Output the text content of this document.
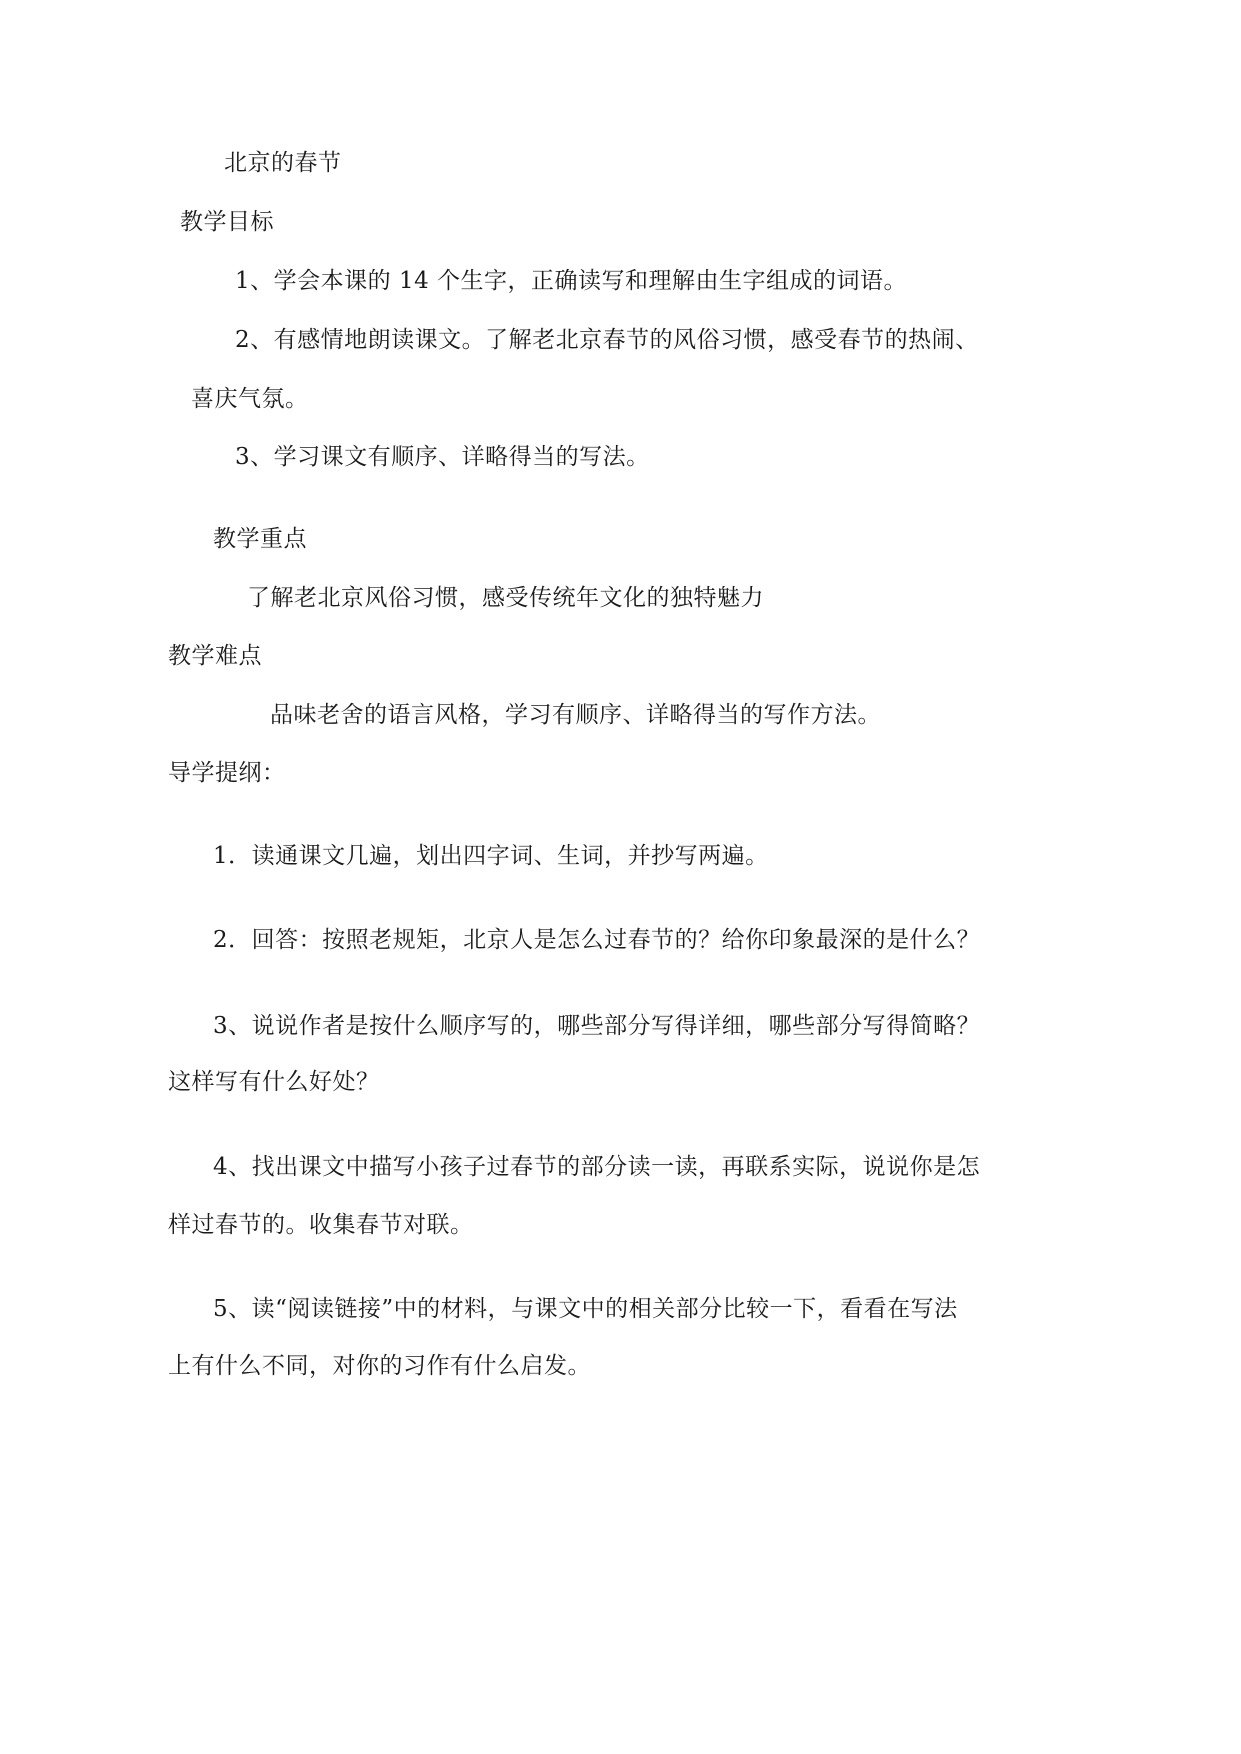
北京的春节
教学目标
1、学会本课的 14 个生字，正确读写和理解由生字组成的词语。
2、有感情地朗读课文。了解老北京春节的风俗习惯，感受春节的热闹、
喜庆气氛。
3、学习课文有顺序、详略得当的写法。
教学重点
了解老北京风俗习惯，感受传统年文化的独特魅力
教学难点
品味老舍的语言风格，学习有顺序、详略得当的写作方法。
导学提纲：
1．读通课文几遍，划出四字词、生词，并抄写两遍。
2．回答：按照老规矩，北京人是怎么过春节的？给你印象最深的是什么？
3、说说作者是按什么顺序写的，哪些部分写得详细，哪些部分写得简略？
这样写有什么好处？
4、找出课文中描写小孩子过春节的部分读一读，再联系实际，说说你是怎
样过春节的。收集春节对联。
5、读“阅读链接”中的材料，与课文中的相关部分比较一下，看看在写法
上有什么不同，对你的习作有什么启发。
